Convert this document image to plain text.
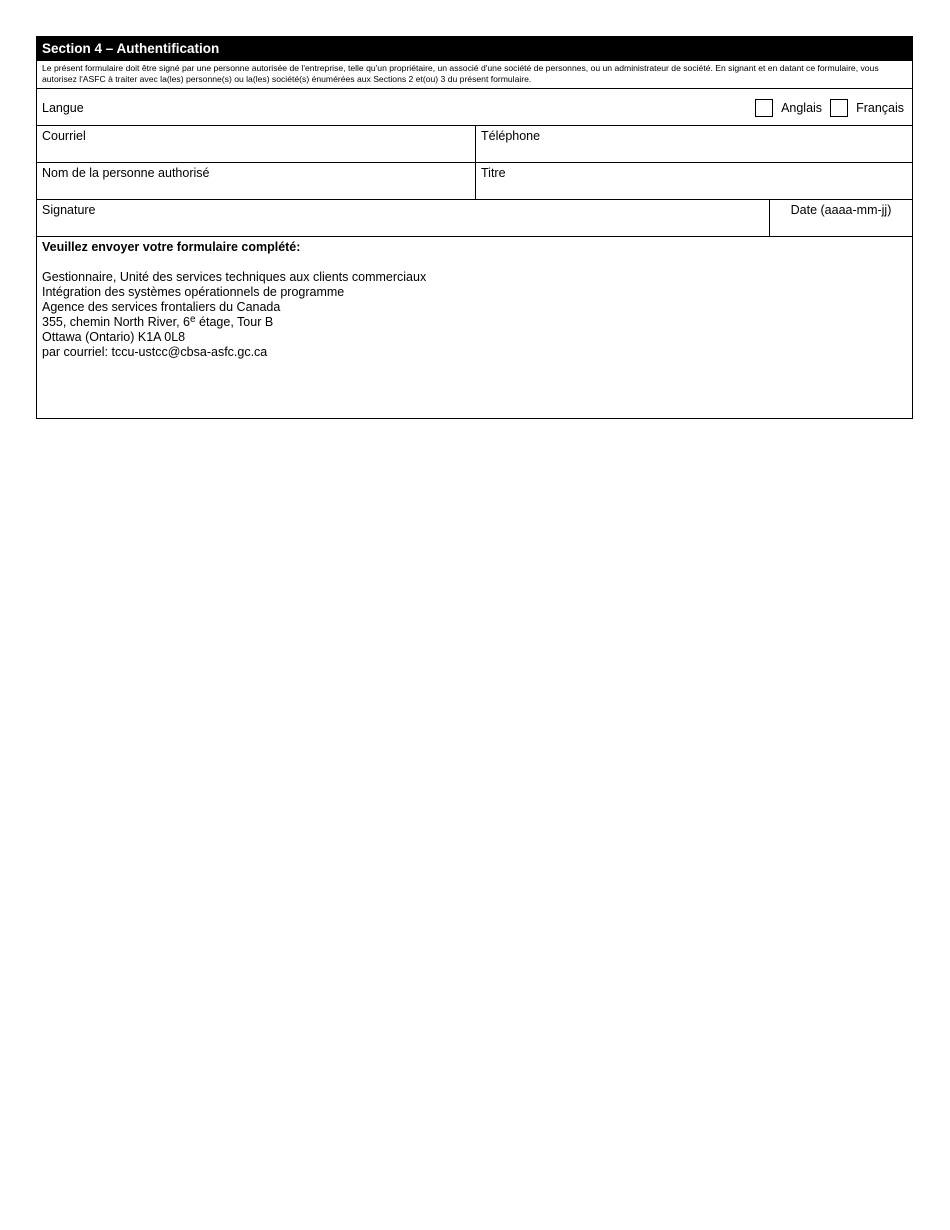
Section 4 – Authentification
Le présent formulaire doit être signé par une personne autorisée de l'entreprise, telle qu'un propriétaire, un associé d'une société de personnes, ou un administrateur de société. En signant et en datant ce formulaire, vous autorisez l'ASFC à traiter avec la(les) personne(s) ou la(les) société(s) énumérées aux Sections 2 et(ou) 3 du présent formulaire.
Langue	Anglais	Français
Courriel	Téléphone
Nom de la personne authorisé	Titre
Signature	Date (aaaa-mm-jj)
Veuillez envoyer votre formulaire complété:
Gestionnaire, Unité des services techniques aux clients commerciaux
Intégration des systèmes opérationnels de programme
Agence des services frontaliers du Canada
355, chemin North River, 6e étage, Tour B
Ottawa (Ontario) K1A 0L8
par courriel: tccu-ustcc@cbsa-asfc.gc.ca
